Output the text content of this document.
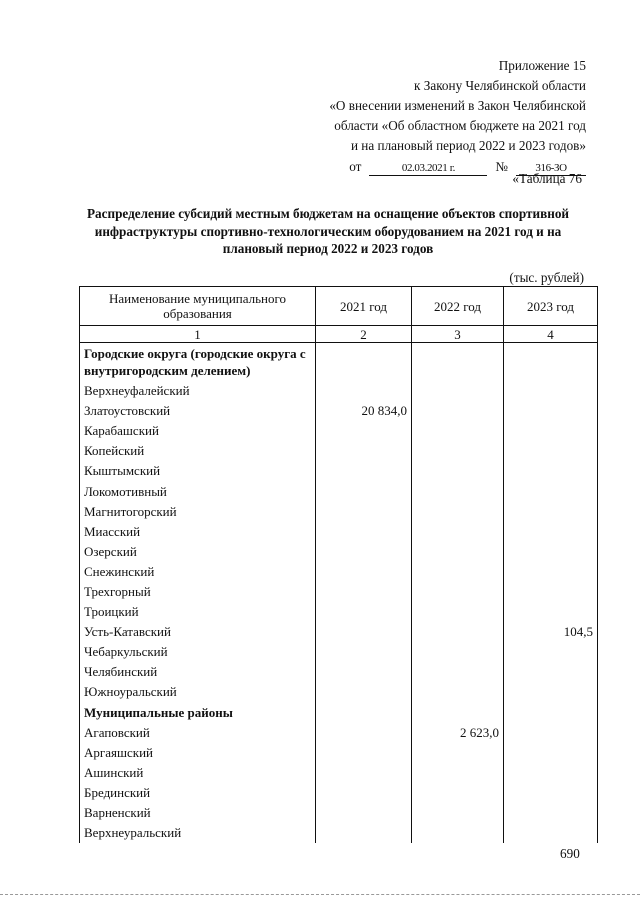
Приложение 15
к Закону Челябинской области
«О внесении изменений в Закон Челябинской
области «Об областном бюджете на 2021 год
и на плановый период 2022 и 2023 годов»
от	02.03.2021 г.	№	316-ЗО
«Таблица 76
Распределение субсидий местным бюджетам на оснащение объектов спортивной инфраструктуры спортивно-технологическим оборудованием на 2021 год и на плановый период 2022 и 2023 годов
(тыс. рублей)
Наименование муниципального образования	2021 год	2022 год	2023 год
1	2	3	4
Городские округа (городские округа с внутригородским делением)			
Верхнеуфалейский			
Златоустовский	20 834,0		
Карабашский			
Копейский			
Кыштымский			
Локомотивный			
Магнитогорский			
Миасский			
Озерский			
Снежинский			
Трехгорный			
Троицкий			
Усть-Катавский			104,5
Чебаркульский			
Челябинский			
Южноуральский			
Муниципальные районы			
Агаповский		2 623,0	
Аргаяшский			
Ашинский			
Брединский			
Варненский			
Верхнеуральский			
690
